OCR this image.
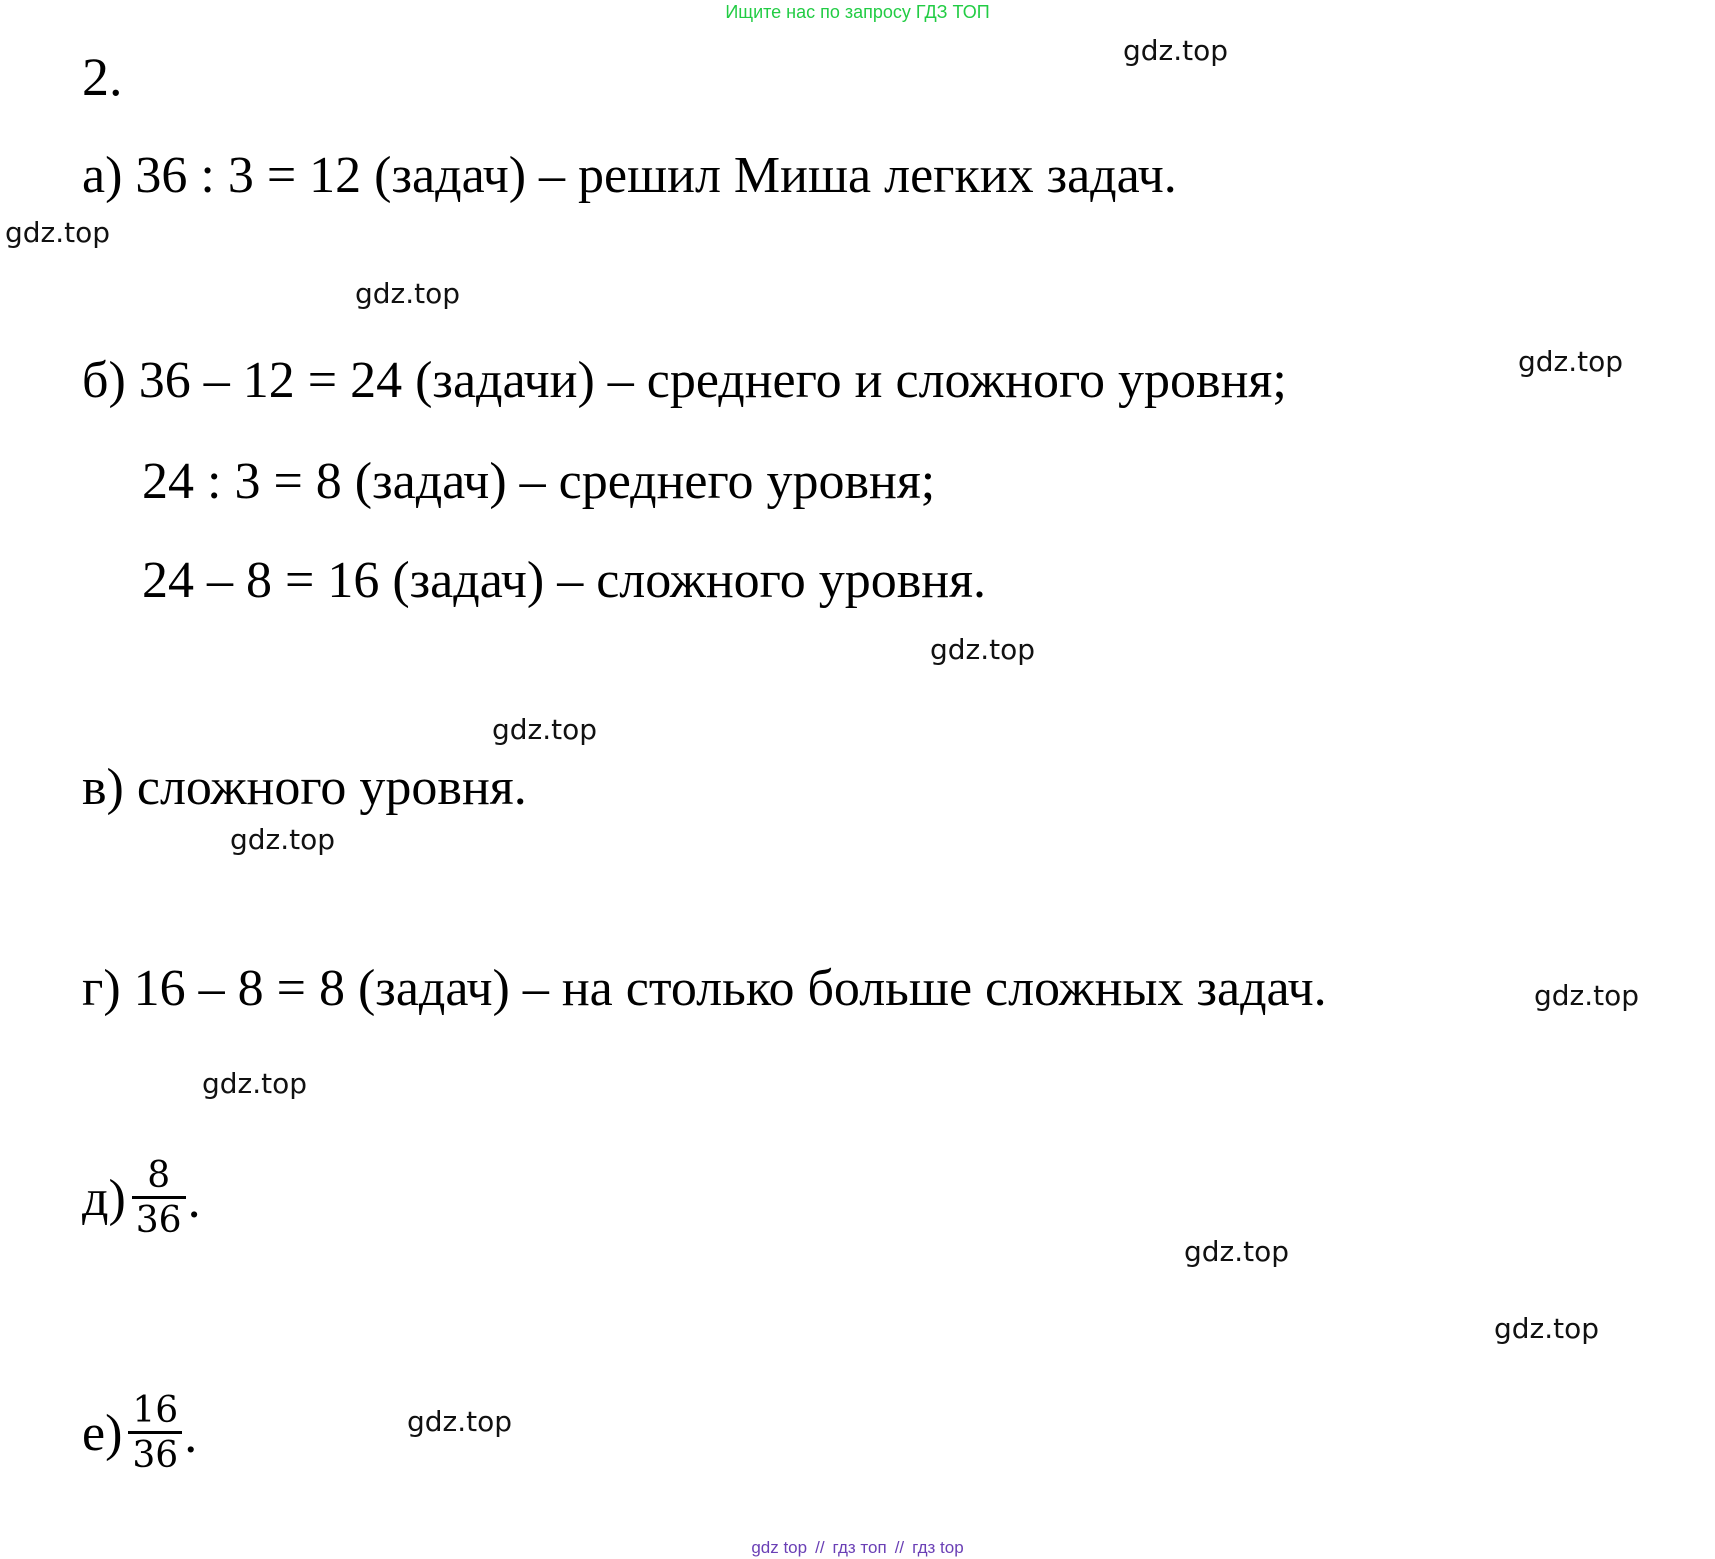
Ищите нас по запросу ГДЗ ТОП
2.
а) 36 : 3 = 12 (задач) – решил Миша легких задач.
б) 36 – 12 = 24 (задачи) – среднего и сложного уровня;
24 : 3 = 8 (задач) – среднего уровня;
24 – 8 = 16 (задач) – сложного уровня.
в) сложного уровня.
г) 16 – 8 = 8 (задач) – на столько больше сложных задач.
$д) \frac{8}{36}$ .
$е) \frac{16}{36}$ .
gdz.top
gdz.top
gdz.top
gdz.top
gdz.top
gdz.top
gdz.top
gdz.top
gdz.top
gdz.top
gdz.top
gdz.top
gdz top // гдз топ // гдз top
